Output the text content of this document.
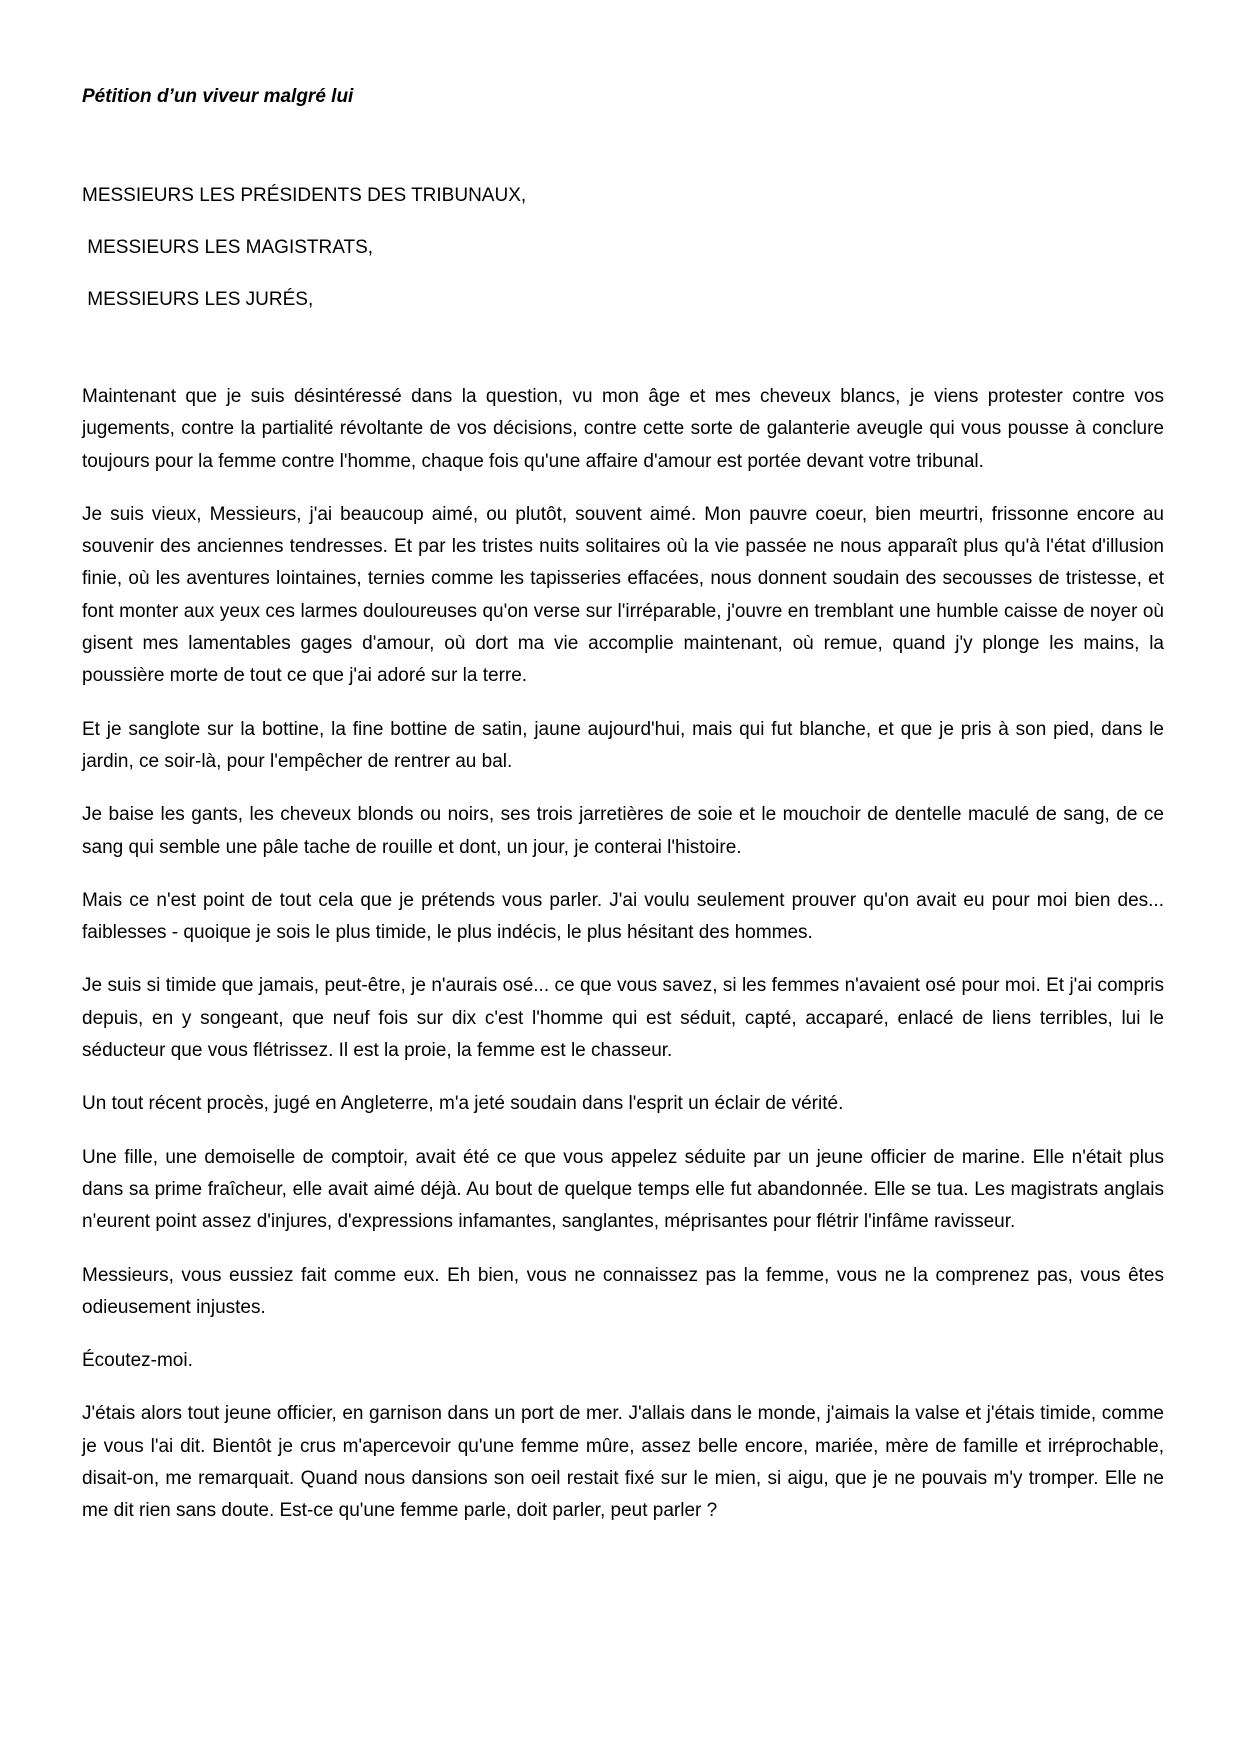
Pétition d’un viveur malgré lui

MESSIEURS LES PRÉSIDENTS DES TRIBUNAUX,

MESSIEURS LES MAGISTRATS,

MESSIEURS LES JURÉS,

Maintenant que je suis désintéressé dans la question, vu mon âge et mes cheveux blancs, je viens protester contre vos jugements, contre la partialité révoltante de vos décisions, contre cette sorte de galanterie aveugle qui vous pousse à conclure toujours pour la femme contre l'homme, chaque fois qu'une affaire d'amour est portée devant votre tribunal.

Je suis vieux, Messieurs, j'ai beaucoup aimé, ou plutôt, souvent aimé. Mon pauvre coeur, bien meurtri, frissonne encore au souvenir des anciennes tendresses. Et par les tristes nuits solitaires où la vie passée ne nous apparaît plus qu'à l'état d'illusion finie, où les aventures lointaines, ternies comme les tapisseries effacées, nous donnent soudain des secousses de tristesse, et font monter aux yeux ces larmes douloureuses qu'on verse sur l'irréparable, j'ouvre en tremblant une humble caisse de noyer où gisent mes lamentables gages d'amour, où dort ma vie accomplie maintenant, où remue, quand j'y plonge les mains, la poussière morte de tout ce que j'ai adoré sur la terre.

Et je sanglote sur la bottine, la fine bottine de satin, jaune aujourd'hui, mais qui fut blanche, et que je pris à son pied, dans le jardin, ce soir-là, pour l'empêcher de rentrer au bal.

Je baise les gants, les cheveux blonds ou noirs, ses trois jarretières de soie et le mouchoir de dentelle maculé de sang, de ce sang qui semble une pâle tache de rouille et dont, un jour, je conterai l'histoire.

Mais ce n'est point de tout cela que je prétends vous parler. J'ai voulu seulement prouver qu'on avait eu pour moi bien des... faiblesses - quoique je sois le plus timide, le plus indécis, le plus hésitant des hommes.

Je suis si timide que jamais, peut-être, je n'aurais osé... ce que vous savez, si les femmes n'avaient osé pour moi. Et j'ai compris depuis, en y songeant, que neuf fois sur dix c'est l'homme qui est séduit, capté, accaparé, enlacé de liens terribles, lui le séducteur que vous flétrissez. Il est la proie, la femme est le chasseur.

Un tout récent procès, jugé en Angleterre, m'a jeté soudain dans l'esprit un éclair de vérité.

Une fille, une demoiselle de comptoir, avait été ce que vous appelez séduite par un jeune officier de marine. Elle n'était plus dans sa prime fraîcheur, elle avait aimé déjà. Au bout de quelque temps elle fut abandonnée. Elle se tua. Les magistrats anglais n'eurent point assez d'injures, d'expressions infamantes, sanglantes, méprisantes pour flétrir l'infâme ravisseur.

Messieurs, vous eussiez fait comme eux. Eh bien, vous ne connaissez pas la femme, vous ne la comprenez pas, vous êtes odieusement injustes.

Écoutez-moi.

J'étais alors tout jeune officier, en garnison dans un port de mer. J'allais dans le monde, j'aimais la valse et j'étais timide, comme je vous l'ai dit. Bientôt je crus m'apercevoir qu'une femme mûre, assez belle encore, mariée, mère de famille et irréprochable, disait-on, me remarquait. Quand nous dansions son oeil restait fixé sur le mien, si aigu, que je ne pouvais m'y tromper. Elle ne me dit rien sans doute. Est-ce qu'une femme parle, doit parler, peut parler ?
